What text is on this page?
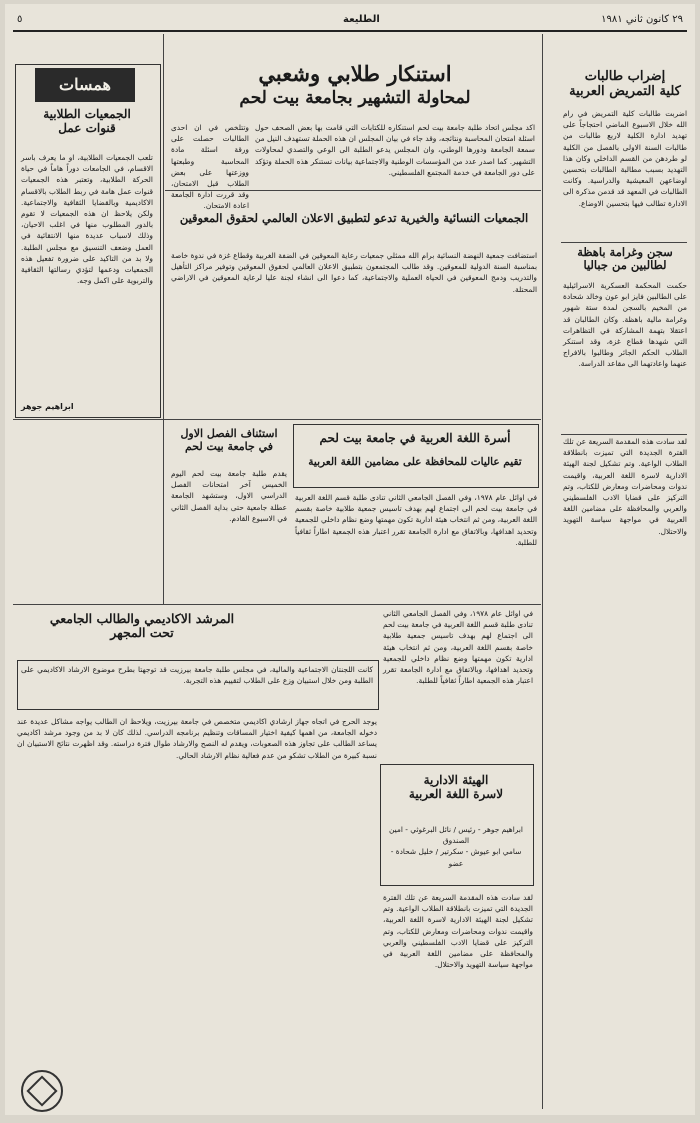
٢٩ كانون ثاني ١٩٨١
الطليعة
٥
إضراب طالبات
كلية التمريض العربية
اضربت طالبات كلية التمريض في رام الله خلال الاسبوع الماضي احتجاجاً على تهديد ادارة الكلية لاربع طالبات من طالبات السنة الاولى بالفصل من الكلية لو طردهن من القسم الداخلي وكان هذا التهديد بسبب مطالبة الطالبات بتحسين اوضاعهن المعيشية والدراسية. وكانت الطالبات في المعهد قد قدمن مذكرة الى الادارة تطالب فيها بتحسين الاوضاع.
سجن وغرامة باهظة
لطالبين من جباليا
حكمت المحكمة العسكرية الاسرائيلية على الطالبين فايز ابو عون وخالد شحادة من المخيم بالسجن لمدة ستة شهور وغرامة مالية باهظة. وكان الطالبان قد اعتقلا بتهمة المشاركة في التظاهرات التي شهدها قطاع غزة، وقد استنكر الطلاب الحكم الجائر وطالبوا بالافراج عنهما واعادتهما الى مقاعد الدراسة.
لقد سادت هذه المقدمة السريعة عن تلك الفترة الجديدة التي تميزت بانطلاقة الطلاب الواعية. وتم تشكيل لجنة الهيئة الادارية لاسرة اللغة العربية، واقيمت ندوات ومحاضرات ومعارض للكتاب، وتم التركيز على قضايا الادب الفلسطيني والعربي والمحافظة على مضامين اللغة العربية في مواجهة سياسة التهويد والاحتلال.
استنكار طلابي وشعبي
لمحاولة التشهير بجامعة بيت لحم
اكد مجلس اتحاد طلبة جامعة بيت لحم استنكاره للكتابات التي قامت بها بعض الصحف حول اسئلة امتحان المحاسبة ونتائجه، وقد جاء في بيان المجلس ان هذه الحملة تستهدف النيل من سمعة الجامعة ودورها الوطني، وان المجلس يدعو الطلبة الى الوعي والتصدي لمحاولات التشهير. كما اصدر عدد من المؤسسات الوطنية والاجتماعية بيانات تستنكر هذه الحملة وتؤكد على دور الجامعة في خدمة المجتمع الفلسطيني.
وتتلخص في ان احدى الطالبات حصلت على ورقة اسئلة مادة المحاسبة وطبعتها ووزعتها على بعض الطلاب قبل الامتحان، وقد قررت ادارة الجامعة اعادة الامتحان.
الجمعيات النسائية والخيرية تدعو لتطبيق الاعلان العالمي لحقوق المعوقين
استضافت جمعية النهضة النسائية برام الله ممثلي جمعيات رعاية المعوقين في الضفة الغربية وقطاع غزة في ندوة خاصة بمناسبة السنة الدولية للمعوقين. وقد طالب المجتمعون بتطبيق الاعلان العالمي لحقوق المعوقين وتوفير مراكز التأهيل والتدريب ودمج المعوقين في الحياة العملية والاجتماعية، كما دعوا الى انشاء لجنة عليا لرعاية المعوقين في الاراضي المحتلة.
همسات
الجمعيات الطلابية
قنوات عمل
تلعب الجمعيات الطلابية، او ما يعرف باسر الاقسام، في الجامعات دوراً هاماً في حياة الحركة الطلابية، وتعتبر هذه الجمعيات قنوات عمل هامة في ربط الطلاب بالاقسام الاكاديمية وبالقضايا الثقافية والاجتماعية. ولكن يلاحظ ان هذه الجمعيات لا تقوم بالدور المطلوب منها في اغلب الاحيان، وذلك لاسباب عديدة منها الانتقائية في العمل وضعف التنسيق مع مجلس الطلبة. ولا بد من التاكيد على ضرورة تفعيل هذه الجمعيات ودعمها لتؤدي رسالتها الثقافية والتربوية على اكمل وجه.
ابراهيم جوهر
استئناف الفصل الاول
في جامعة بيت لحم
يقدم طلبة جامعة بيت لحم اليوم الخميس آخر امتحانات الفصل الدراسي الاول، وستشهد الجامعة عطلة جامعية حتى بداية الفصل الثاني في الاسبوع القادم.
أسرة اللغة العربية في جامعة بيت لحم
تقيم عاليات للمحافظة على مضامين اللغة العربية
في اوائل عام ١٩٧٨، وفي الفصل الجامعي الثاني تنادى طلبة قسم اللغة العربية في جامعة بيت لحم الى اجتماع لهم بهدف تاسيس جمعية طلابية خاصة بقسم اللغة العربية، ومن ثم انتخاب هيئة ادارية تكون مهمتها وضع نظام داخلي للجمعية وتحديد اهدافها، وبالاتفاق مع ادارة الجامعة تقرر اعتبار هذه الجمعية اطاراً ثقافياً للطلبة.
الهيئة الادارية
لاسرة اللغة العربية
ابراهيم جوهر - رئيس / نائل البرغوثي - امين الصندوق
سامي ابو عيوش - سكرتير / خليل شحادة - عضو
المرشد الاكاديمي والطالب الجامعي
تحت المجهر
كانت اللجنتان الاجتماعية والمالية، في مجلس طلبة جامعة بيرزيت قد توجهتا بطرح موضوع الارشاد الاكاديمي على الطلبة ومن خلال استبيان وزع على الطلاب لتقييم هذه التجربة.
يوجد الحرج في اتجاه جهاز ارشادي اكاديمي متخصص في جامعة بيرزيت، ويلاحظ ان الطالب يواجه مشاكل عديدة عند دخوله الجامعة، من اهمها كيفية اختيار المساقات وتنظيم برنامجه الدراسي. لذلك كان لا بد من وجود مرشد اكاديمي يساعد الطالب على تجاوز هذه الصعوبات، ويقدم له النصح والارشاد طوال فترة دراسته. وقد اظهرت نتائج الاستبيان ان نسبة كبيرة من الطلاب تشكو من عدم فعالية نظام الارشاد الحالي.
في اوائل عام ١٩٧٨، وفي الفصل الجامعي الثاني تنادى طلبة قسم اللغة العربية في جامعة بيت لحم الى اجتماع لهم بهدف تاسيس جمعية طلابية خاصة بقسم اللغة العربية، ومن ثم انتخاب هيئة ادارية تكون مهمتها وضع نظام داخلي للجمعية وتحديد اهدافها، وبالاتفاق مع ادارة الجامعة تقرر اعتبار هذه الجمعية اطاراً ثقافياً للطلبة.
لقد سادت هذه المقدمة السريعة عن تلك الفترة الجديدة التي تميزت بانطلاقة الطلاب الواعية. وتم تشكيل لجنة الهيئة الادارية لاسرة اللغة العربية، واقيمت ندوات ومحاضرات ومعارض للكتاب، وتم التركيز على قضايا الادب الفلسطيني والعربي والمحافظة على مضامين اللغة العربية في مواجهة سياسة التهويد والاحتلال.
